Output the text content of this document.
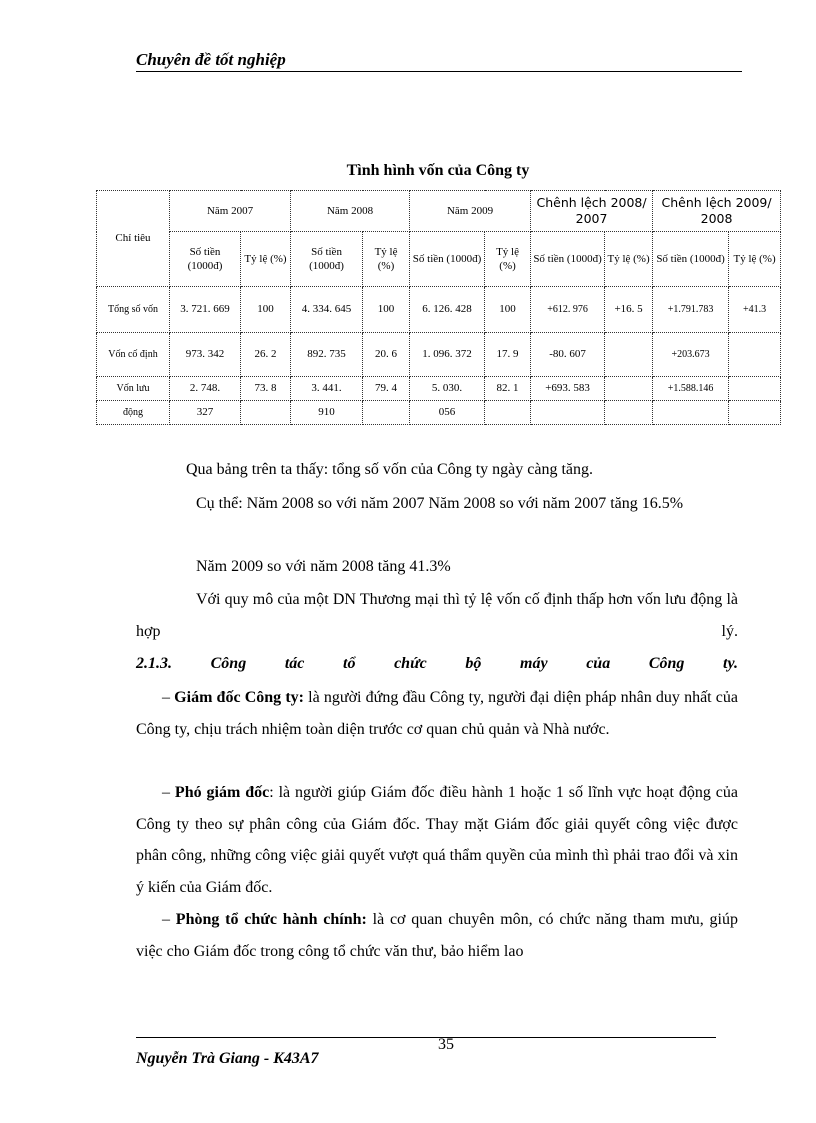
Chuyên đề tốt nghiệp
Tình hình vốn của Công ty
Chỉ tiêu	Năm 2007		Năm 2008		Năm 2009		Chênh lệch 2008/ 2007		Chênh lệch 2009/ 2008	
	Số tiền (1000đ)	Tỷ lệ (%)	Số tiền (1000đ)	Tỷ lệ (%)	Số tiền (1000đ)	Tỷ lệ (%)	Số tiền (1000đ)	Tỷ lệ (%)	Số tiền (1000đ)	Tỷ lệ (%)
Tổng số vốn	3. 721. 669	100	4. 334. 645	100	6. 126. 428	100	+612. 976	+16. 5	+1.791.783	+41.3
Vốn cố định	973. 342	26. 2	892. 735	20. 6	1. 096. 372	17. 9	-80. 607		+203.673	
Vốn lưu	2. 748.	73. 8	3. 441.	79. 4	5. 030.	82. 1	+693. 583		+1.588.146	
động	327		910		056					
Qua bảng trên ta thấy: tổng số vốn của Công ty ngày càng tăng.
Cụ thể: Năm 2008 so với năm 2007 Năm 2008 so với năm 2007 tăng 16.5%
Năm 2009 so với năm 2008 tăng 41.3%
Với quy mô của một DN Thương mại thì tỷ lệ vốn cố định thấp hơn vốn lưu động là hợp lý.
2.1.3. Công tác tổ chức bộ máy của Công ty.
– Giám đốc Công ty: là người đứng đầu Công ty, người đại diện pháp nhân duy nhất của Công ty, chịu trách nhiệm toàn diện trước cơ quan chủ quản và Nhà nước.
– Phó giám đốc: là người giúp Giám đốc điều hành 1 hoặc 1 số lĩnh vực hoạt động của Công ty theo sự phân công của Giám đốc. Thay mặt Giám đốc giải quyết công việc được phân công, những công việc giải quyết vượt quá thẩm quyền của mình thì phải trao đổi và xin ý kiến của Giám đốc.
– Phòng tổ chức hành chính: là cơ quan chuyên môn, có chức năng tham mưu, giúp việc cho Giám đốc trong công tổ chức văn thư, bảo hiểm lao
35
Nguyễn Trà Giang - K43A7
